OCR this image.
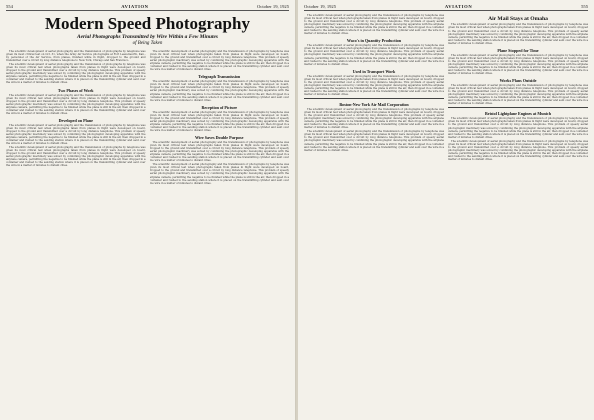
554	AVIATION	October 19, 1925
Modern Speed Photography

Aerial Photographs Transmitted by Wire Within a Few Minutes

of Being Taken

The scientific development of aerial photography and the transmission of photographs by telephone was given its most critical test on Oct. 31, when the Army Air Service photographs at Fort Leavenworth, Kan., by personnel of the Air Service, from planes, finished while in flight, dropped to the ground and transmitted over a circuit by long distance telephone to New York, Chicago and San Francisco.

The scientific development of aerial photography and the transmission of photographs by telephone was given its most critical test when photographs taken from planes in flight were developed on board, dropped to the ground and transmitted over a circuit by long distance telephone. This problem of speedy aerial photographic machinery was solved by combining the photographic developing apparatus with the airplane camera, permitting the negative to be finished while the plane is still in the air, then dropped in a container and rushed to the sending station where it is placed on the transmitting cylinder and sent over the wire in a matter of minutes to distant cities.

Two Phases of Work

The scientific development of aerial photography and the transmission of photographs by telephone was given its most critical test when photographs taken from planes in flight were developed on board, dropped to the ground and transmitted over a circuit by long distance telephone. This problem of speedy aerial photographic machinery was solved by combining the photographic developing apparatus with the airplane camera, permitting the negative to be finished while the plane is still in the air, then dropped in a container and rushed to the sending station where it is placed on the transmitting cylinder and sent over the wire in a matter of minutes to distant cities.

Developed on Plane

The scientific development of aerial photography and the transmission of photographs by telephone was given its most critical test when photographs taken from planes in flight were developed on board, dropped to the ground and transmitted over a circuit by long distance telephone. This problem of speedy aerial photographic machinery was solved by combining the photographic developing apparatus with the airplane camera, permitting the negative to be finished while the plane is still in the air, then dropped in a container and rushed to the sending station where it is placed on the transmitting cylinder and sent over the wire in a matter of minutes to distant cities.

The scientific development of aerial photography and the transmission of photographs by telephone was given its most critical test when photographs taken from planes in flight were developed on board, dropped to the ground and transmitted over a circuit by long distance telephone. This problem of speedy aerial photographic machinery was solved by combining the photographic developing apparatus with the airplane camera, permitting the negative to be finished while the plane is still in the air, then dropped in a container and rushed to the sending station where it is placed on the transmitting cylinder and sent over the wire in a matter of minutes to distant cities.

The scientific development of aerial photography and the transmission of photographs by telephone was given its most critical test when photographs taken from planes in flight were developed on board, dropped to the ground and transmitted over a circuit by long distance telephone. This problem of speedy aerial photographic machinery was solved by combining the photographic developing apparatus with the airplane camera, permitting the negative to be finished while the plane is still in the air, then dropped in a container and rushed to the sending station where it is placed on the transmitting cylinder and sent over the wire in a matter of minutes to distant cities.

Telegraph Transmission

The scientific development of aerial photography and the transmission of photographs by telephone was given its most critical test when photographs taken from planes in flight were developed on board, dropped to the ground and transmitted over a circuit by long distance telephone. This problem of speedy aerial photographic machinery was solved by combining the photographic developing apparatus with the airplane camera, permitting the negative to be finished while the plane is still in the air, then dropped in a container and rushed to the sending station where it is placed on the transmitting cylinder and sent over the wire in a matter of minutes to distant cities.

Reception of Picture

The scientific development of aerial photography and the transmission of photographs by telephone was given its most critical test when photographs taken from planes in flight were developed on board, dropped to the ground and transmitted over a circuit by long distance telephone. This problem of speedy aerial photographic machinery was solved by combining the photographic developing apparatus with the airplane camera, permitting the negative to be finished while the plane is still in the air, then dropped in a container and rushed to the sending station where it is placed on the transmitting cylinder and sent over the wire in a matter of minutes to distant cities.

Wire Saves Double Purpose

The scientific development of aerial photography and the transmission of photographs by telephone was given its most critical test when photographs taken from planes in flight were developed on board, dropped to the ground and transmitted over a circuit by long distance telephone. This problem of speedy aerial photographic machinery was solved by combining the photographic developing apparatus with the airplane camera, permitting the negative to be finished while the plane is still in the air, then dropped in a container and rushed to the sending station where it is placed on the transmitting cylinder and sent over the wire in a matter of minutes to distant cities.

The scientific development of aerial photography and the transmission of photographs by telephone was given its most critical test when photographs taken from planes in flight were developed on board, dropped to the ground and transmitted over a circuit by long distance telephone. This problem of speedy aerial photographic machinery was solved by combining the photographic developing apparatus with the airplane camera, permitting the negative to be finished while the plane is still in the air, then dropped in a container and rushed to the sending station where it is placed on the transmitting cylinder and sent over the wire in a matter of minutes to distant cities.

October 19, 1925	AVIATION	555

The scientific development of aerial photography and the transmission of photographs by telephone was given its most critical test when photographs taken from planes in flight were developed on board, dropped to the ground and transmitted over a circuit by long distance telephone. This problem of speedy aerial photographic machinery was solved by combining the photographic developing apparatus with the airplane camera, permitting the negative to be finished while the plane is still in the air, then dropped in a container and rushed to the sending station where it is placed on the transmitting cylinder and sent over the wire in a matter of minutes to distant cities.

Waco's in Quantity Production

The scientific development of aerial photography and the transmission of photographs by telephone was given its most critical test when photographs taken from planes in flight were developed on board, dropped to the ground and transmitted over a circuit by long distance telephone. This problem of speedy aerial photographic machinery was solved by combining the photographic developing apparatus with the airplane camera, permitting the negative to be finished while the plane is still in the air, then dropped in a container and rushed to the sending station where it is placed on the transmitting cylinder and sent over the wire in a matter of minutes to distant cities.

Used in Transport Work

The scientific development of aerial photography and the transmission of photographs by telephone was given its most critical test when photographs taken from planes in flight were developed on board, dropped to the ground and transmitted over a circuit by long distance telephone. This problem of speedy aerial photographic machinery was solved by combining the photographic developing apparatus with the airplane camera, permitting the negative to be finished while the plane is still in the air, then dropped in a container and rushed to the sending station where it is placed on the transmitting cylinder and sent over the wire in a matter of minutes to distant cities.

Boston-New York Air Mail Corporation

The scientific development of aerial photography and the transmission of photographs by telephone was given its most critical test when photographs taken from planes in flight were developed on board, dropped to the ground and transmitted over a circuit by long distance telephone. This problem of speedy aerial photographic machinery was solved by combining the photographic developing apparatus with the airplane camera, permitting the negative to be finished while the plane is still in the air, then dropped in a container and rushed to the sending station where it is placed on the transmitting cylinder and sent over the wire in a matter of minutes to distant cities.

The scientific development of aerial photography and the transmission of photographs by telephone was given its most critical test when photographs taken from planes in flight were developed on board, dropped to the ground and transmitted over a circuit by long distance telephone. This problem of speedy aerial photographic machinery was solved by combining the photographic developing apparatus with the airplane camera, permitting the negative to be finished while the plane is still in the air, then dropped in a container and rushed to the sending station where it is placed on the transmitting cylinder and sent over the wire in a matter of minutes to distant cities.

Air Mail Stays at Omaha

The scientific development of aerial photography and the transmission of photographs by telephone was given its most critical test when photographs taken from planes in flight were developed on board, dropped to the ground and transmitted over a circuit by long distance telephone. This problem of speedy aerial photographic machinery was solved by combining the photographic developing apparatus with the airplane camera, permitting the negative to be finished while the plane is still in the air, then dropped in a container and rushed to the sending station where it is placed on the transmitting cylinder and sent over the wire in a matter of minutes to distant cities.

Plane Stopped for Time

The scientific development of aerial photography and the transmission of photographs by telephone was given its most critical test when photographs taken from planes in flight were developed on board, dropped to the ground and transmitted over a circuit by long distance telephone. This problem of speedy aerial photographic machinery was solved by combining the photographic developing apparatus with the airplane camera, permitting the negative to be finished while the plane is still in the air, then dropped in a container and rushed to the sending station where it is placed on the transmitting cylinder and sent over the wire in a matter of minutes to distant cities.

Works Plans Outside

The scientific development of aerial photography and the transmission of photographs by telephone was given its most critical test when photographs taken from planes in flight were developed on board, dropped to the ground and transmitted over a circuit by long distance telephone. This problem of speedy aerial photographic machinery was solved by combining the photographic developing apparatus with the airplane camera, permitting the negative to be finished while the plane is still in the air, then dropped in a container and rushed to the sending station where it is placed on the transmitting cylinder and sent over the wire in a matter of minutes to distant cities.

Bristol Lightplane Engines at Munich

The scientific development of aerial photography and the transmission of photographs by telephone was given its most critical test when photographs taken from planes in flight were developed on board, dropped to the ground and transmitted over a circuit by long distance telephone. This problem of speedy aerial photographic machinery was solved by combining the photographic developing apparatus with the airplane camera, permitting the negative to be finished while the plane is still in the air, then dropped in a container and rushed to the sending station where it is placed on the transmitting cylinder and sent over the wire in a matter of minutes to distant cities.

The scientific development of aerial photography and the transmission of photographs by telephone was given its most critical test when photographs taken from planes in flight were developed on board, dropped to the ground and transmitted over a circuit by long distance telephone. This problem of speedy aerial photographic machinery was solved by combining the photographic developing apparatus with the airplane camera, permitting the negative to be finished while the plane is still in the air, then dropped in a container and rushed to the sending station where it is placed on the transmitting cylinder and sent over the wire in a matter of minutes to distant cities.
